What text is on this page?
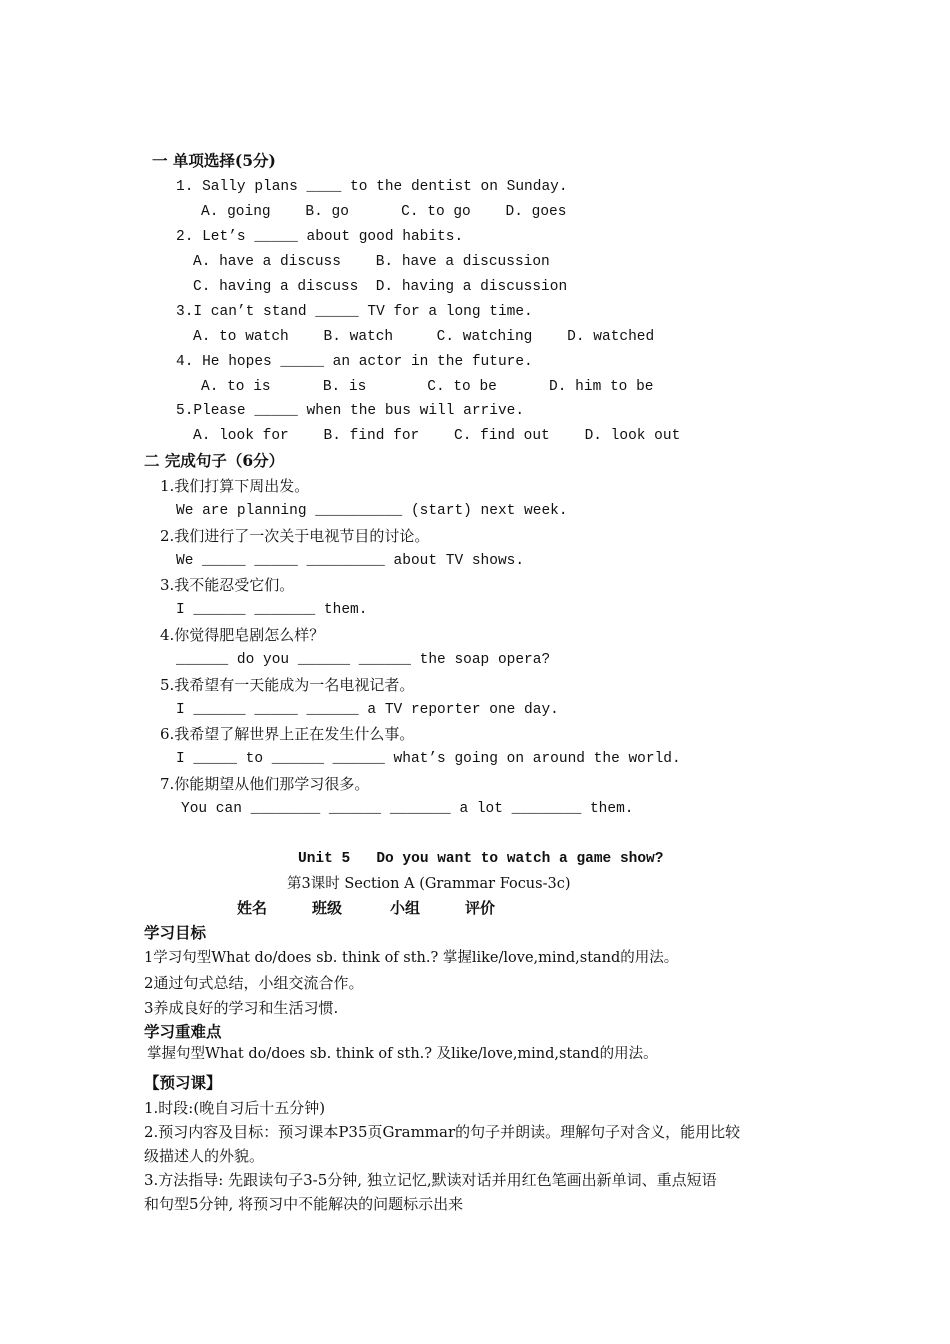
一 单项选择(5分)
1. Sally plans ____ to the dentist on Sunday.
A. going    B. go      C. to go    D. goes
2. Let’s _____ about good habits.
A. have a discuss    B. have a discussion
C. having a discuss  D. having a discussion
3.I can’t stand _____ TV for a long time.
A. to watch    B. watch     C. watching    D. watched
4. He hopes _____ an actor in the future.
A. to is      B. is       C. to be      D. him to be
5.Please _____ when the bus will arrive.
A. look for    B. find for    C. find out    D. look out
二 完成句子（6分）
1.我们打算下周出发。
We are planning __________ (start) next week.
2.我们进行了一次关于电视节目的讨论。
We _____ _____ _________ about TV shows.
3.我不能忍受它们。
I ______ _______ them.
4.你觉得肥皂剧怎么样？
______ do you ______ ______ the soap opera?
5.我希望有一天能成为一名电视记者。
I ______ _____ ______ a TV reporter one day.
6.我希望了解世界上正在发生什么事。
I _____ to ______ ______ what’s going on around the world.
7.你能期望从他们那学习很多。
You can ________ ______ _______ a lot ________ them.
Unit 5   Do you want to watch a game show?
第3课时 Section A (Grammar Focus-3c)
姓名	班级	小组	评价
学习目标
1学习句型What do/does sb. think of sth.? 掌握like/love,mind,stand的用法。
2通过句式总结，小组交流合作。
3养成良好的学习和生活习惯.
学习重难点
掌握句型What do/does sb. think of sth.? 及like/love,mind,stand的用法。
【预习课】
1.时段:(晚自习后十五分钟)
2.预习内容及目标：预习课本P35页Grammar的句子并朗读。理解句子对含义，能用比较
级描述人的外貌。
3.方法指导: 先跟读句子3-5分钟, 独立记忆,默读对话并用红色笔画出新单词、重点短语
和句型5分钟, 将预习中不能解决的问题标示出来
